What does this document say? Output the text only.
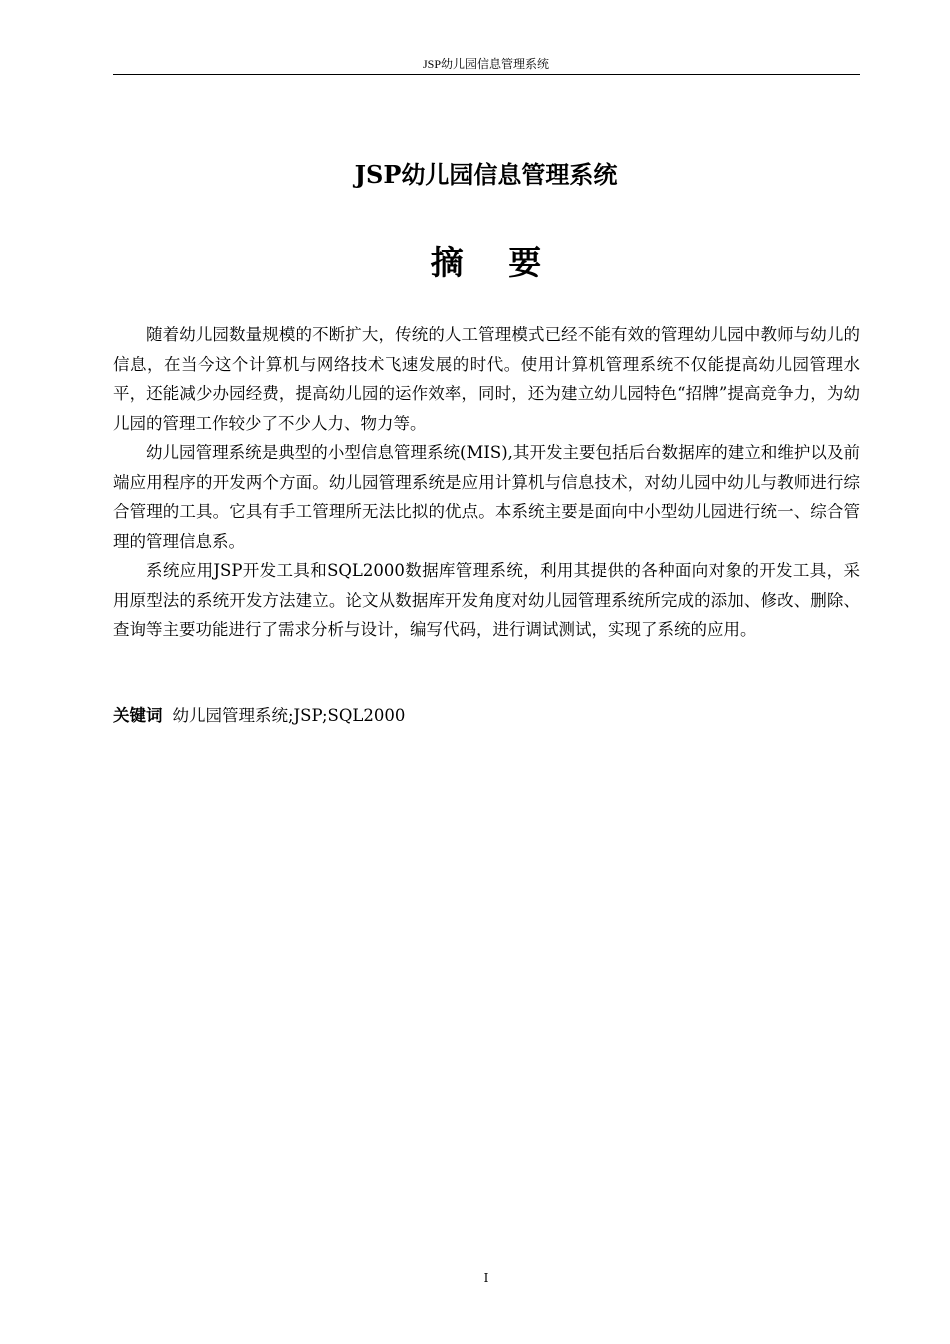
JSP幼儿园信息管理系统
JSP幼儿园信息管理系统
摘 要

随着幼儿园数量规模的不断扩大，传统的人工管理模式已经不能有效的管理幼儿园中教师与幼儿的信息，在当今这个计算机与网络技术飞速发展的时代。使用计算机管理系统不仅能提高幼儿园管理水平，还能减少办园经费，提高幼儿园的运作效率，同时，还为建立幼儿园特色“招牌”提高竞争力，为幼儿园的管理工作较少了不少人力、物力等。

幼儿园管理系统是典型的小型信息管理系统(MIS),其开发主要包括后台数据库的建立和维护以及前端应用程序的开发两个方面。幼儿园管理系统是应用计算机与信息技术，对幼儿园中幼儿与教师进行综合管理的工具。它具有手工管理所无法比拟的优点。本系统主要是面向中小型幼儿园进行统一、综合管理的管理信息系。

系统应用JSP开发工具和SQL2000数据库管理系统，利用其提供的各种面向对象的开发工具，采用原型法的系统开发方法建立。论文从数据库开发角度对幼儿园管理系统所完成的添加、修改、删除、查询等主要功能进行了需求分析与设计，编写代码，进行调试测试，实现了系统的应用。

关键词 幼儿园管理系统;JSP;SQL2000
I
